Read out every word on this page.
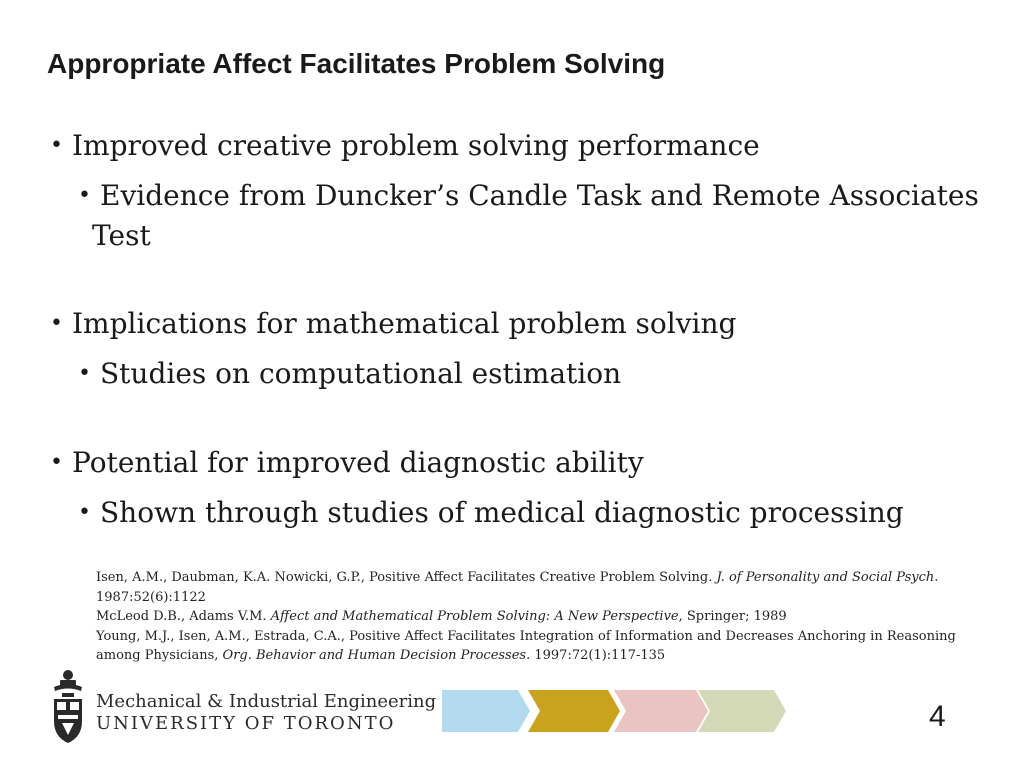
Appropriate Affect Facilitates Problem Solving
• Improved creative problem solving performance
• Evidence from Duncker’s Candle Task and Remote Associates
Test
• Implications for mathematical problem solving
• Studies on computational estimation
• Potential for improved diagnostic ability
• Shown through studies of medical diagnostic processing

Isen, A.M., Daubman, K.A. Nowicki, G.P., Positive Affect Facilitates Creative Problem Solving. J. of Personality and Social Psych. 1987:52(6):1122

McLeod D.B., Adams V.M. Affect and Mathematical Problem Solving: A New Perspective, Springer; 1989

Young, M.J., Isen, A.M., Estrada, C.A., Positive Affect Facilitates Integration of Information and Decreases Anchoring in Reasoning among Physicians, Org. Behavior and Human Decision Processes. 1997:72(1):117-135

Mechanical & Industrial Engineering
UNIVERSITY OF TORONTO	4
